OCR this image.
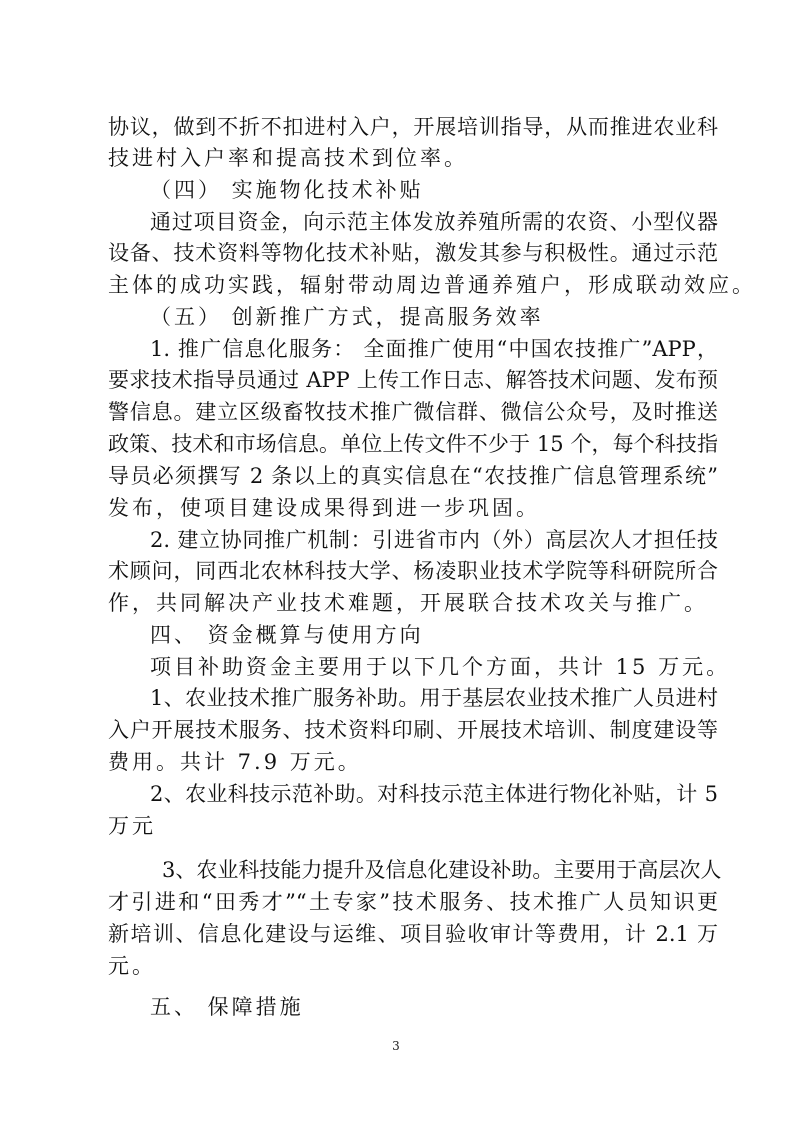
协议，做到不折不扣进村入户，开展培训指导，从而推进农业科
技进村入户率和提高技术到位率。
（四） 实施物化技术补贴
通过项目资金，向示范主体发放养殖所需的农资、小型仪器
设备、技术资料等物化技术补贴，激发其参与积极性。通过示范
主体的成功实践，辐射带动周边普通养殖户，形成联动效应。
（五） 创新推广方式，提高服务效率
1. 推广信息化服务： 全面推广使用“中国农技推广”APP，
要求技术指导员通过 APP 上传工作日志、解答技术问题、发布预
警信息。建立区级畜牧技术推广微信群、微信公众号，及时推送
政策、技术和市场信息。单位上传文件不少于 15 个，每个科技指
导员必须撰写 2 条以上的真实信息在“农技推广信息管理系统”
发布，使项目建设成果得到进一步巩固。
2. 建立协同推广机制：引进省市内（外）高层次人才担任技
术顾问，同西北农林科技大学、杨凌职业技术学院等科研院所合
作，共同解决产业技术难题，开展联合技术攻关与推广。
四、 资金概算与使用方向
项目补助资金主要用于以下几个方面，共计 15 万元。
1、农业技术推广服务补助。用于基层农业技术推广人员进村
入户开展技术服务、技术资料印刷、开展技术培训、制度建设等
费用。共计 7.9 万元。
2、农业科技示范补助。对科技示范主体进行物化补贴，计 5
万元
3、农业科技能力提升及信息化建设补助。主要用于高层次人
才引进和“田秀才”“土专家”技术服务、技术推广人员知识更
新培训、信息化建设与运维、项目验收审计等费用，计 2.1 万
元。
五、 保障措施
3
